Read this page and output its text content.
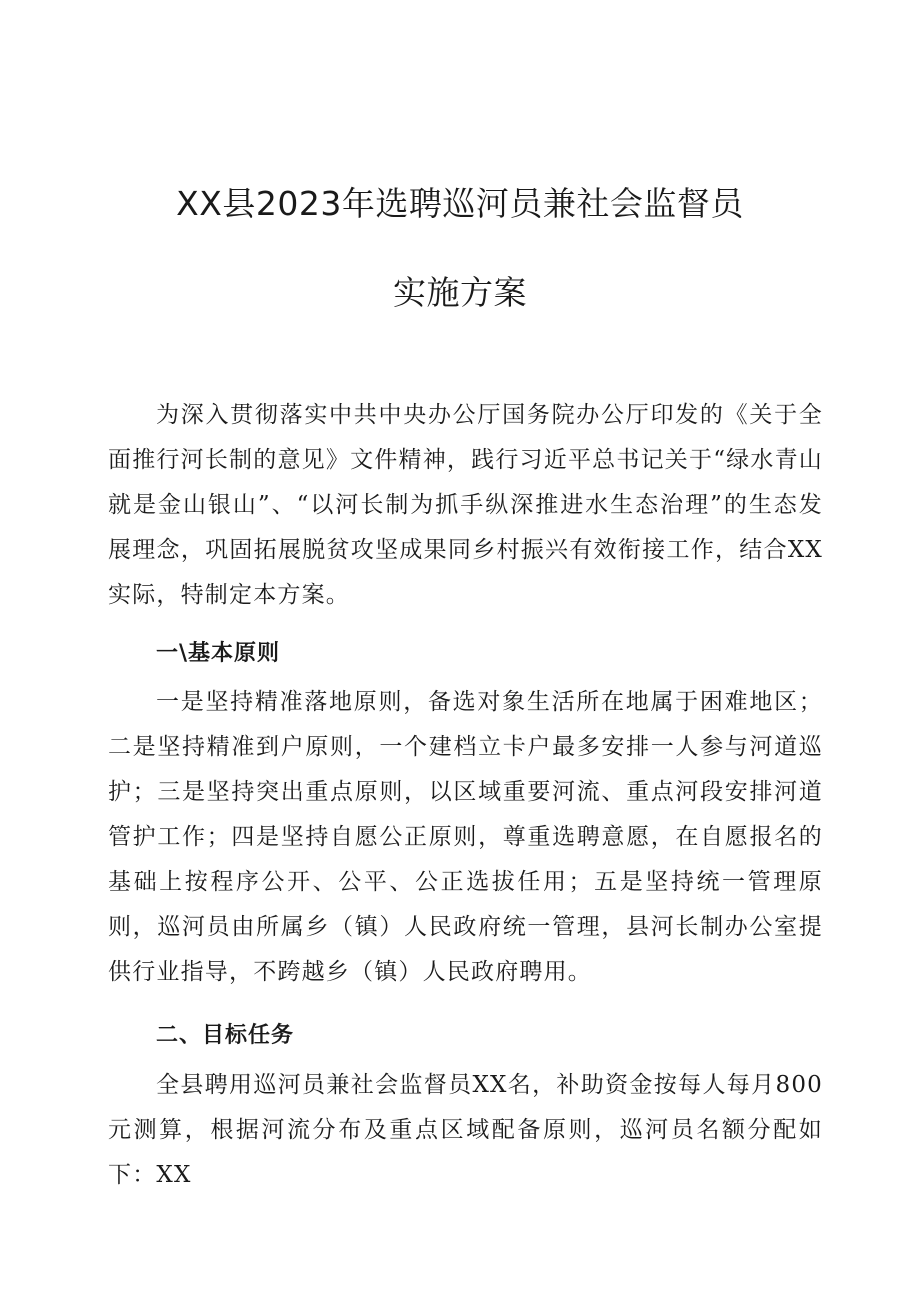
XX县2023年选聘巡河员兼社会监督员
实施方案

为深入贯彻落实中共中央办公厅国务院办公厅印发的《关于全面推行河长制的意见》文件精神，践行习近平总书记关于“绿水青山就是金山银山”、“以河长制为抓手纵深推进水生态治理”的生态发展理念，巩固拓展脱贫攻坚成果同乡村振兴有效衔接工作，结合XX实际，特制定本方案。

一\基本原则

一是坚持精准落地原则，备选对象生活所在地属于困难地区；二是坚持精准到户原则，一个建档立卡户最多安排一人参与河道巡护；三是坚持突出重点原则，以区域重要河流、重点河段安排河道管护工作；四是坚持自愿公正原则，尊重选聘意愿，在自愿报名的基础上按程序公开、公平、公正选拔任用；五是坚持统一管理原则，巡河员由所属乡（镇）人民政府统一管理，县河长制办公室提供行业指导，不跨越乡（镇）人民政府聘用。

二、目标任务

全县聘用巡河员兼社会监督员XX名，补助资金按每人每月800元测算，根据河流分布及重点区域配备原则，巡河员名额分配如下：XX
